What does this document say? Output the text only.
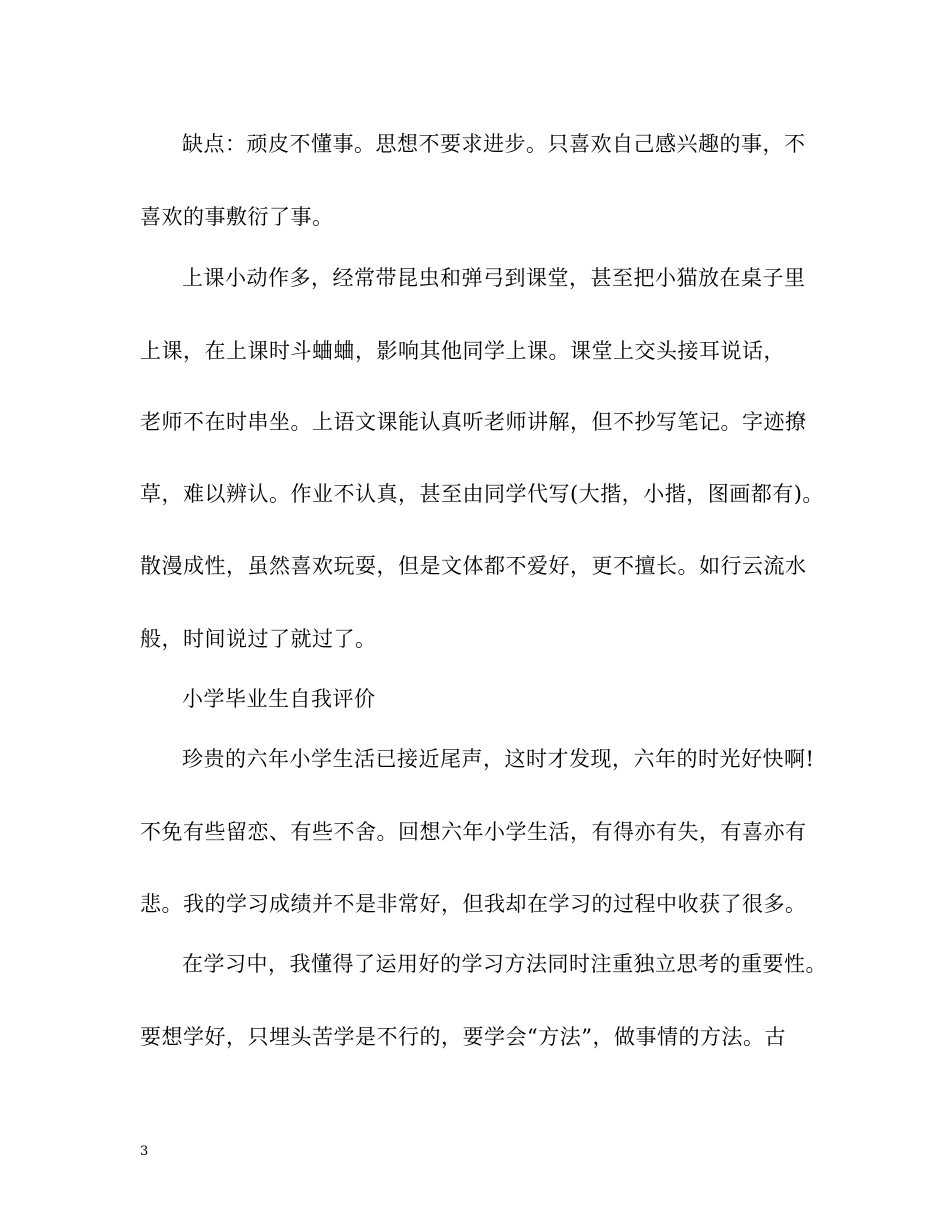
缺点：顽皮不懂事。思想不要求进步。只喜欢自己感兴趣的事，不
喜欢的事敷衍了事。
上课小动作多，经常带昆虫和弹弓到课堂，甚至把小猫放在桌子里
上课，在上课时斗蛐蛐，影响其他同学上课。课堂上交头接耳说话，
老师不在时串坐。上语文课能认真听老师讲解，但不抄写笔记。字迹撩
草，难以辨认。作业不认真，甚至由同学代写(大揩，小揩，图画都有)。
散漫成性，虽然喜欢玩耍，但是文体都不爱好，更不擅长。如行云流水
般，时间说过了就过了。
小学毕业生自我评价
珍贵的六年小学生活已接近尾声，这时才发现，六年的时光好快啊!
不免有些留恋、有些不舍。回想六年小学生活，有得亦有失，有喜亦有
悲。我的学习成绩并不是非常好，但我却在学习的过程中收获了很多。
在学习中，我懂得了运用好的学习方法同时注重独立思考的重要性。
要想学好，只埋头苦学是不行的，要学会“方法”，做事情的方法。古
3
